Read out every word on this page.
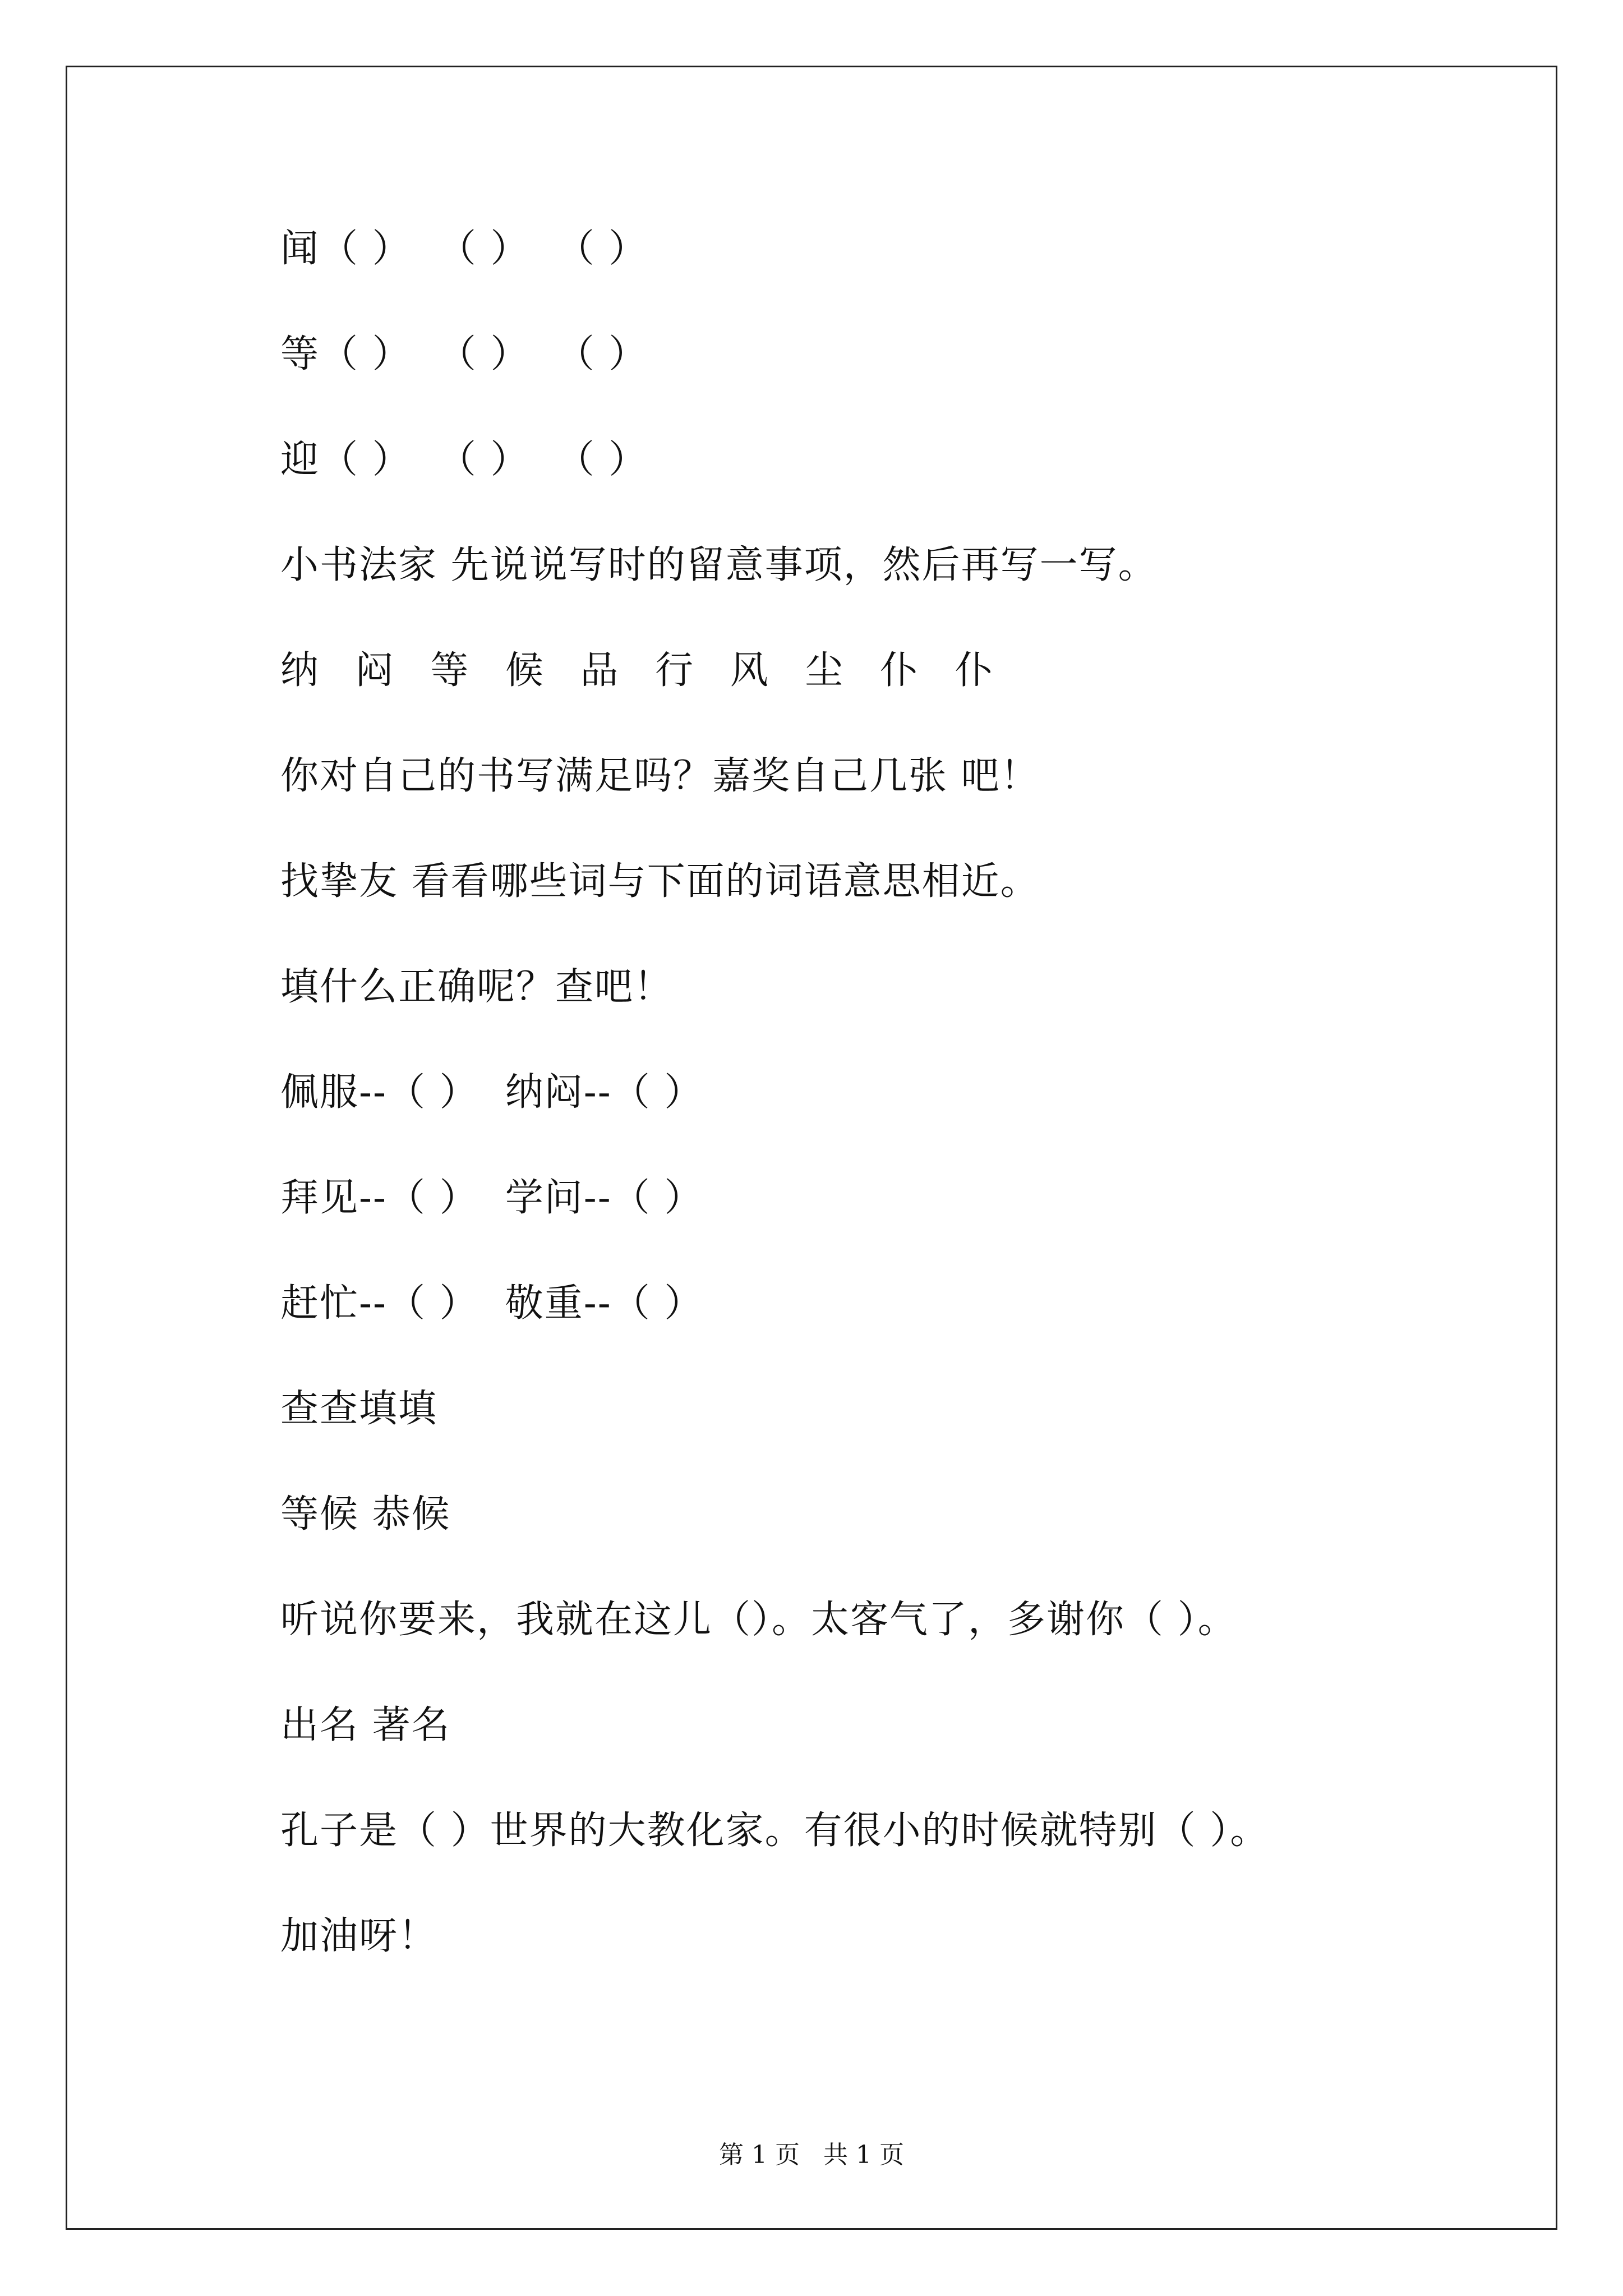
闻（ ）  （ ）  （ ）
等（ ）  （ ）  （ ）
迎（ ）  （ ）  （ ）
小书法家 先说说写时的留意事项，然后再写一写。
纳 闷 等 候 品 行 风 尘 仆 仆
你对自己的书写满足吗？嘉奖自己几张 吧！
找挚友 看看哪些词与下面的词语意思相近。
填什么正确呢？查吧！
佩服--（ ）  纳闷--（ ）
拜见--（ ）  学问--（ ）
赶忙--（ ）  敬重--（ ）
查查填填
等候 恭候
听说你要来，我就在这儿（）。太客气了，多谢你（ ）。
出名 著名
孔子是（ ）世界的大教化家。有很小的时候就特别（ ）。
加油呀！
第 1 页   共 1 页
